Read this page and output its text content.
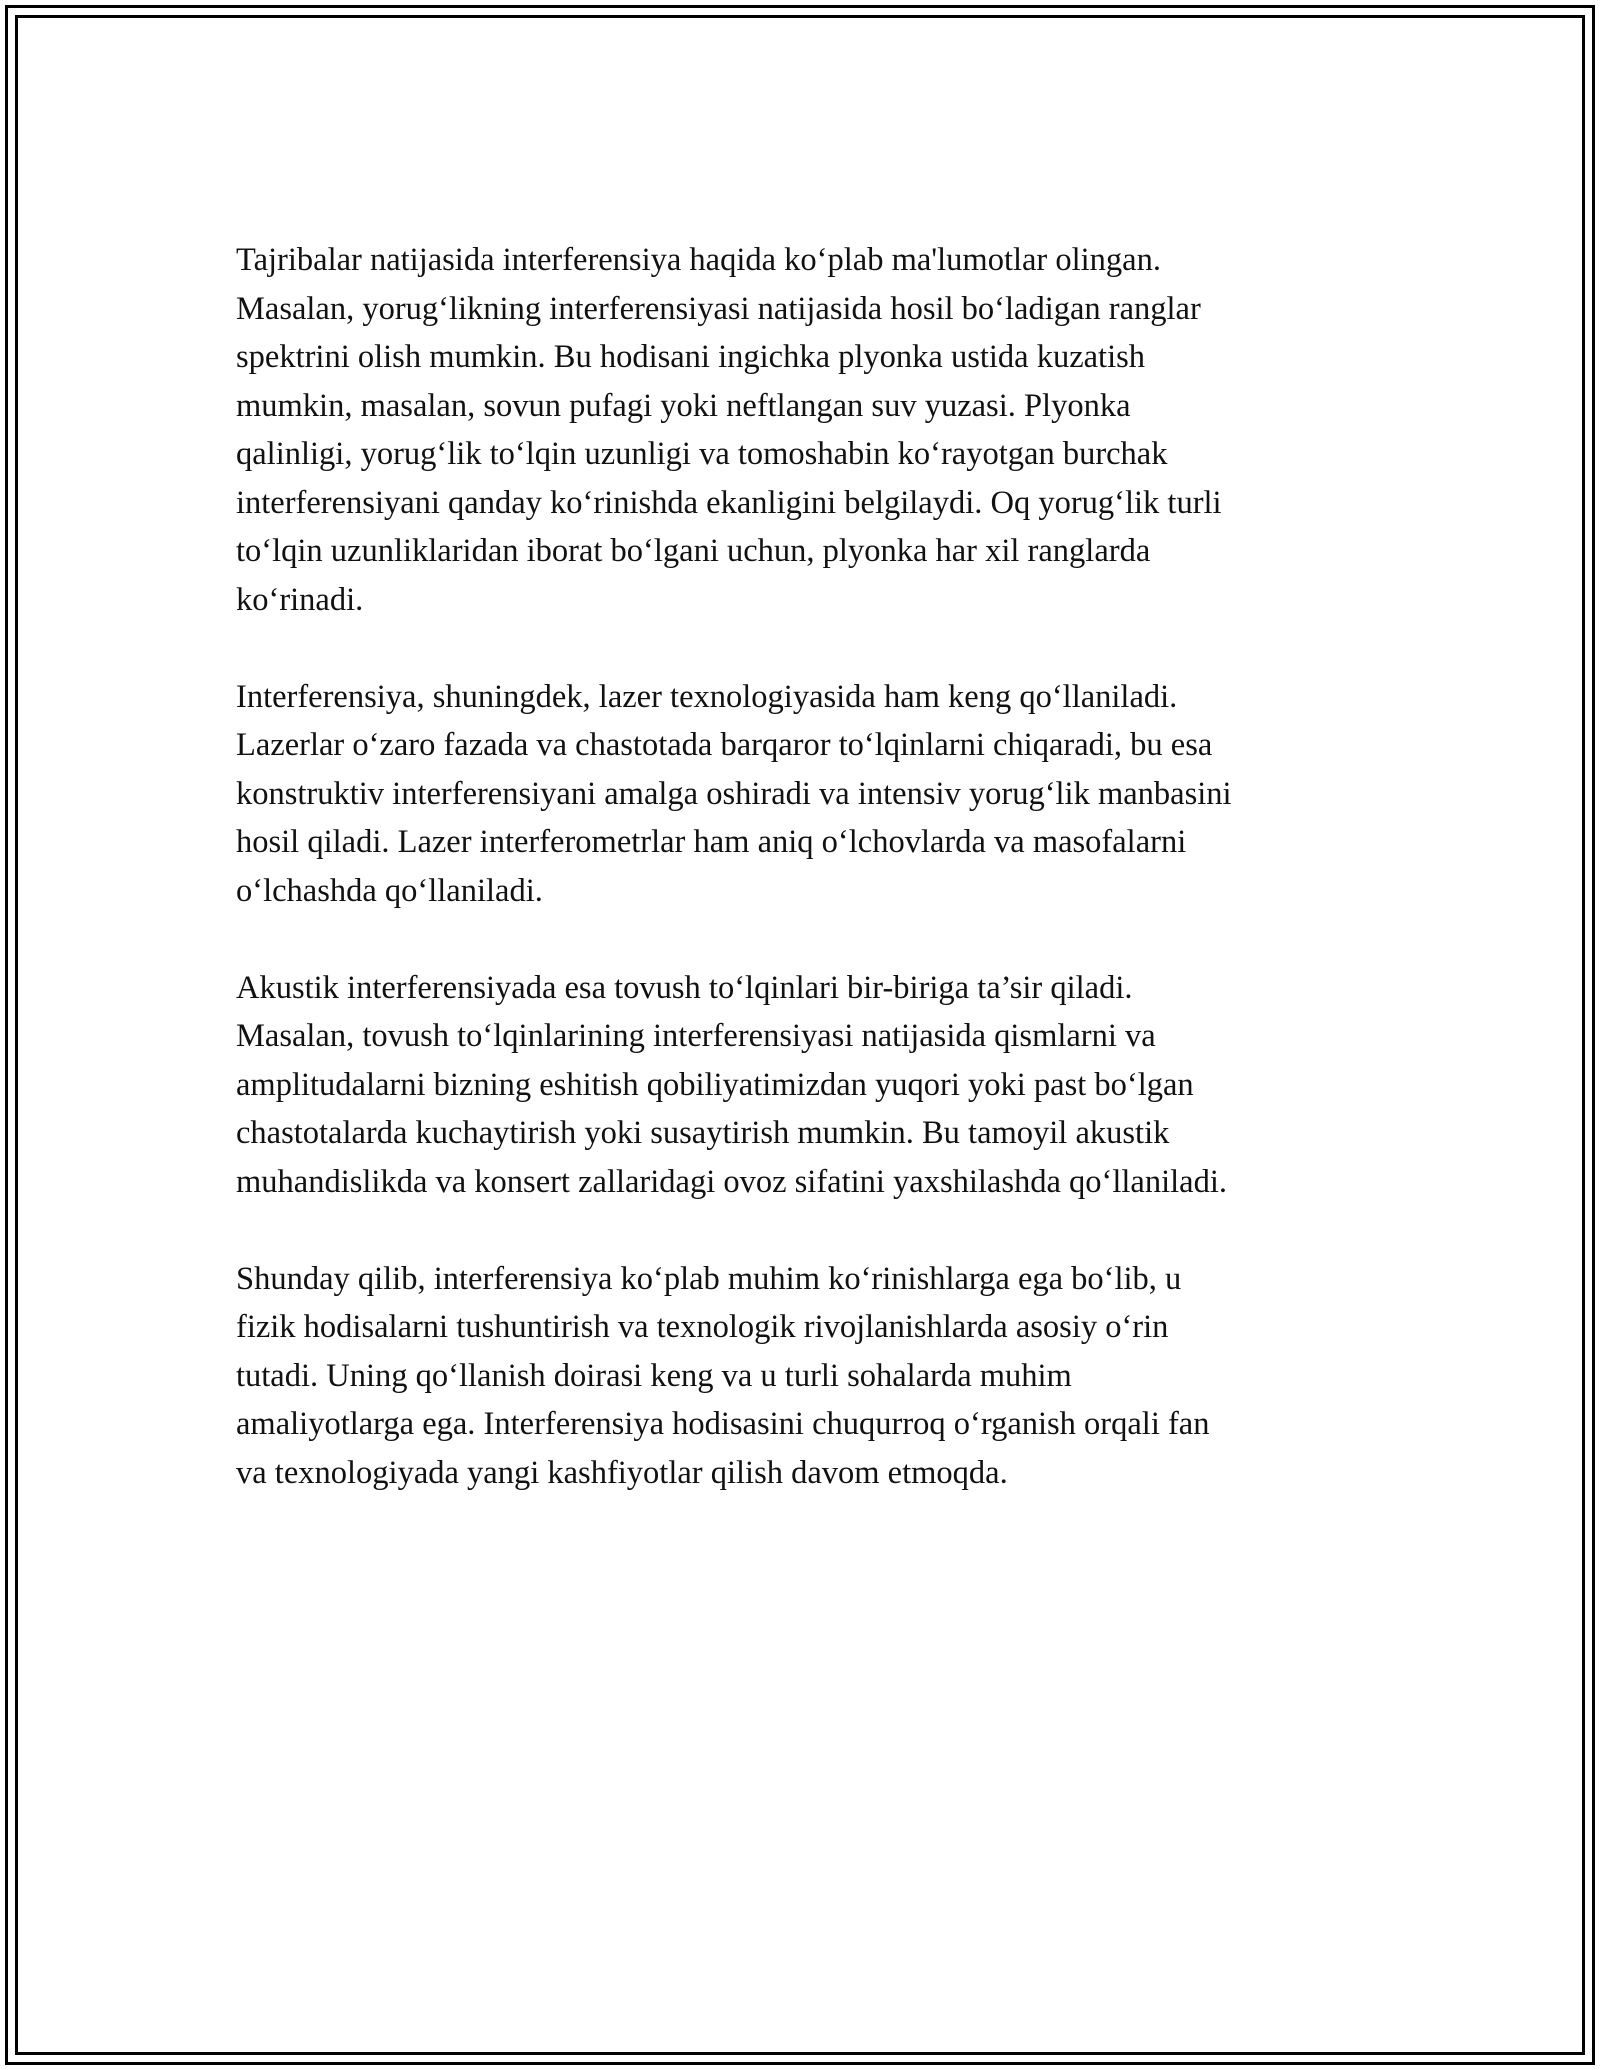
Tajribalar natijasida interferensiya haqida ko‘plab ma'lumotlar olingan.
Masalan, yorug‘likning interferensiyasi natijasida hosil bo‘ladigan ranglar
spektrini olish mumkin. Bu hodisani ingichka plyonka ustida kuzatish
mumkin, masalan, sovun pufagi yoki neftlangan suv yuzasi. Plyonka
qalinligi, yorug‘lik to‘lqin uzunligi va tomoshabin ko‘rayotgan burchak
interferensiyani qanday ko‘rinishda ekanligini belgilaydi. Oq yorug‘lik turli
to‘lqin uzunliklaridan iborat bo‘lgani uchun, plyonka har xil ranglarda
ko‘rinadi.

Interferensiya, shuningdek, lazer texnologiyasida ham keng qo‘llaniladi.
Lazerlar o‘zaro fazada va chastotada barqaror to‘lqinlarni chiqaradi, bu esa
konstruktiv interferensiyani amalga oshiradi va intensiv yorug‘lik manbasini
hosil qiladi. Lazer interferometrlar ham aniq o‘lchovlarda va masofalarni
o‘lchashda qo‘llaniladi.

Akustik interferensiyada esa tovush to‘lqinlari bir-biriga ta’sir qiladi.
Masalan, tovush to‘lqinlarining interferensiyasi natijasida qismlarni va
amplitudalarni bizning eshitish qobiliyatimizdan yuqori yoki past bo‘lgan
chastotalarda kuchaytirish yoki susaytirish mumkin. Bu tamoyil akustik
muhandislikda va konsert zallaridagi ovoz sifatini yaxshilashda qo‘llaniladi.

Shunday qilib, interferensiya ko‘plab muhim ko‘rinishlarga ega bo‘lib, u
fizik hodisalarni tushuntirish va texnologik rivojlanishlarda asosiy o‘rin
tutadi. Uning qo‘llanish doirasi keng va u turli sohalarda muhim
amaliyotlarga ega. Interferensiya hodisasini chuqurroq o‘rganish orqali fan
va texnologiyada yangi kashfiyotlar qilish davom etmoqda.
